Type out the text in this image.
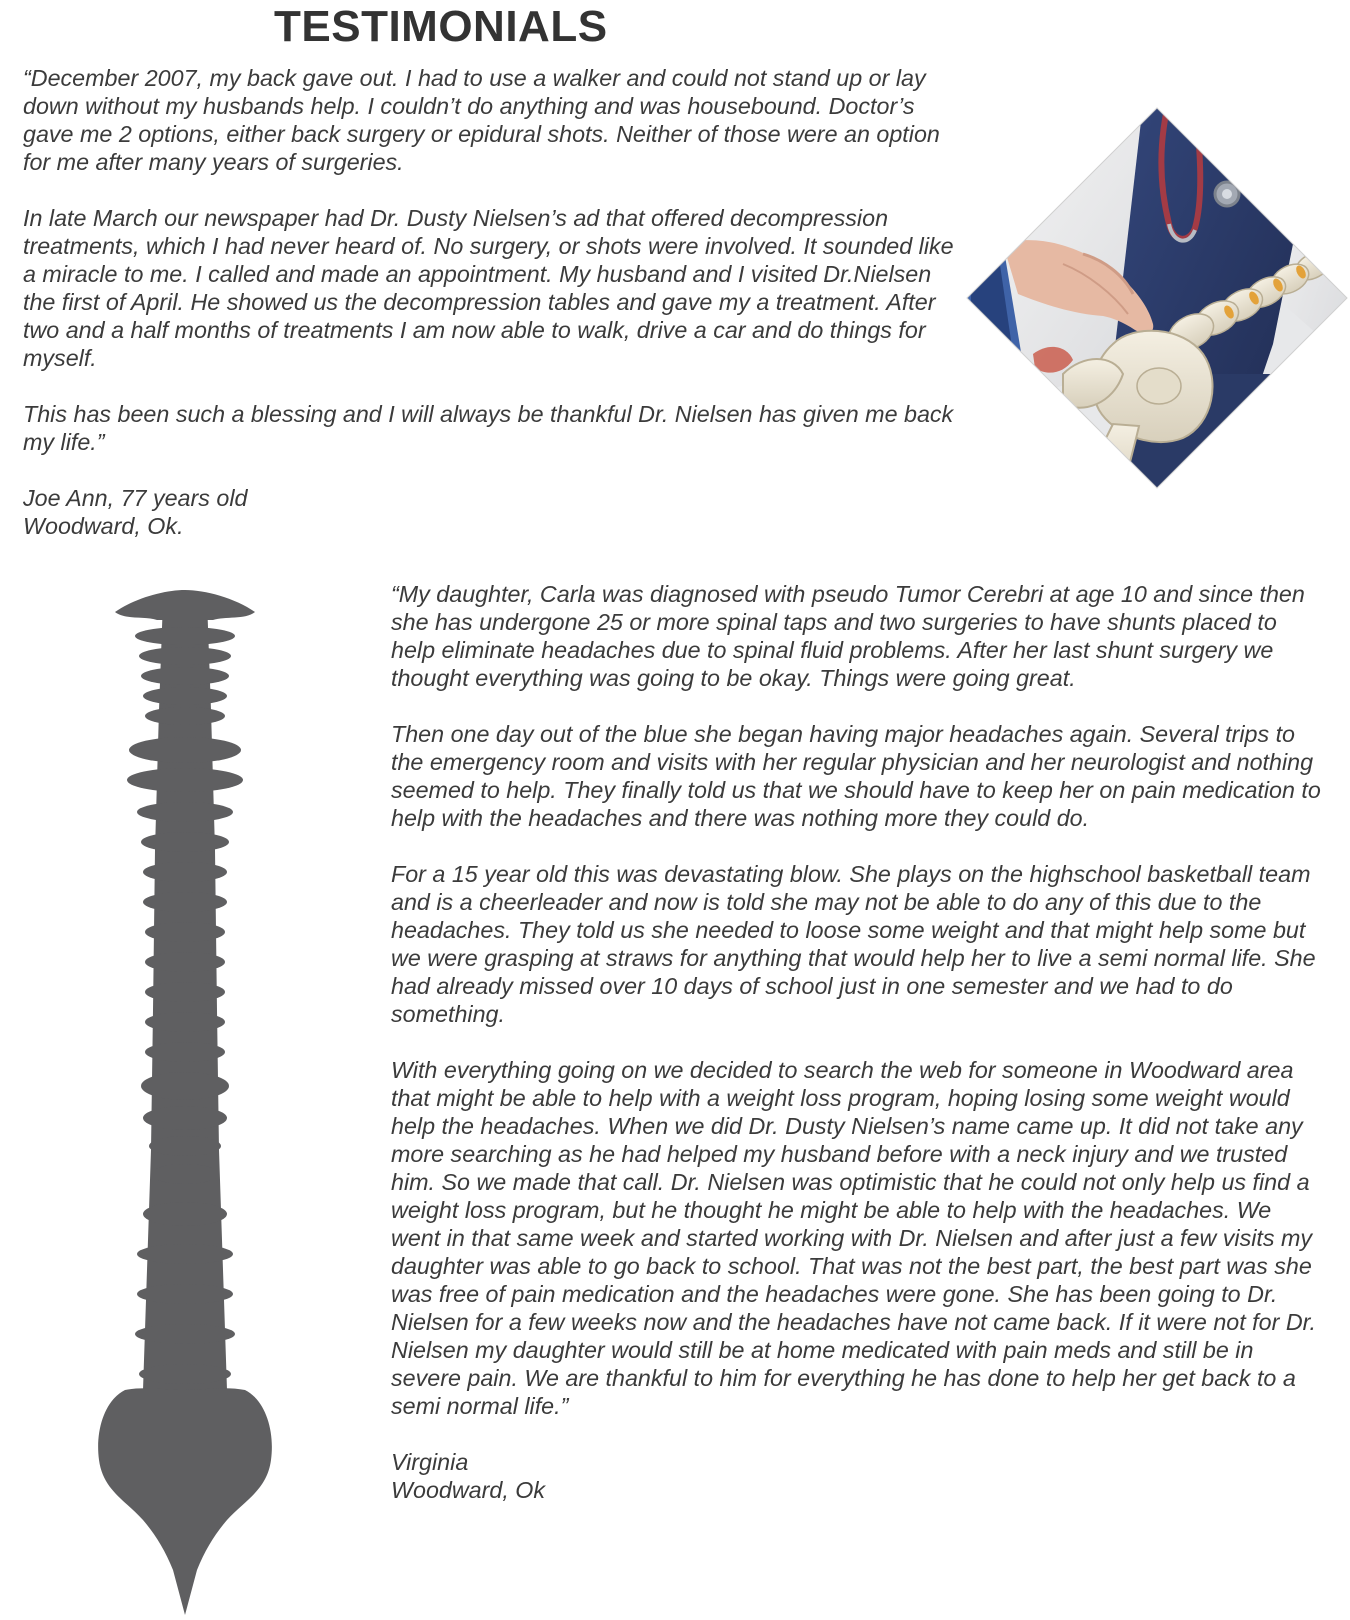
TESTIMONIALS

“December 2007, my back gave out. I had to use a walker and could not stand up or lay down without my husbands help. I couldn’t do anything and was housebound. Doctor’s gave me 2 options, either back surgery or epidural shots. Neither of those were an option for me after many years of surgeries.

In late March our newspaper had Dr. Dusty Nielsen’s ad that offered decompression treatments, which I had never heard of. No surgery, or shots were involved. It sounded like a miracle to me. I called and made an appointment. My husband and I visited Dr.Nielsen the first of April. He showed us the decompression tables and gave my a treatment. After two and a half months of treatments I am now able to walk, drive a car and do things for myself.

This has been such a blessing and I will always be thankful Dr. Nielsen has given me back my life.”

Joe Ann, 77 years old
Woodward, Ok.

“My daughter, Carla was diagnosed with pseudo Tumor Cerebri at age 10 and since then she has undergone 25 or more spinal taps and two surgeries to have shunts placed to help eliminate headaches due to spinal fluid problems. After her last shunt surgery we thought everything was going to be okay. Things were going great.

Then one day out of the blue she began having major headaches again. Several trips to the emergency room and visits with her regular physician and her neurologist and nothing seemed to help. They finally told us that we should have to keep her on pain medication to help with the headaches and there was nothing more they could do.

For a 15 year old this was devastating blow. She plays on the highschool basketball team and is a cheerleader and now is told she may not be able to do any of this due to the headaches. They told us she needed to loose some weight and that might help some but we were grasping at straws for anything that would help her to live a semi normal life. She had already missed over 10 days of school just in one semester and we had to do something.

With everything going on we decided to search the web for someone in Woodward area that might be able to help with a weight loss program, hoping losing some weight would help the headaches. When we did Dr. Dusty Nielsen’s name came up. It did not take any more searching as he had helped my husband before with a neck injury and we trusted him. So we made that call. Dr. Nielsen was optimistic that he could not only help us find a weight loss program, but he thought he might be able to help with the headaches. We went in that same week and started working with Dr. Nielsen and after just a few visits my daughter was able to go back to school. That was not the best part, the best part was she was free of pain medication and the headaches were gone. She has been going to Dr. Nielsen for a few weeks now and the headaches have not came back. If it were not for Dr. Nielsen my daughter would still be at home medicated with pain meds and still be in severe pain. We are thankful to him for everything he has done to help her get back to a semi normal life.”

Virginia
Woodward, Ok
